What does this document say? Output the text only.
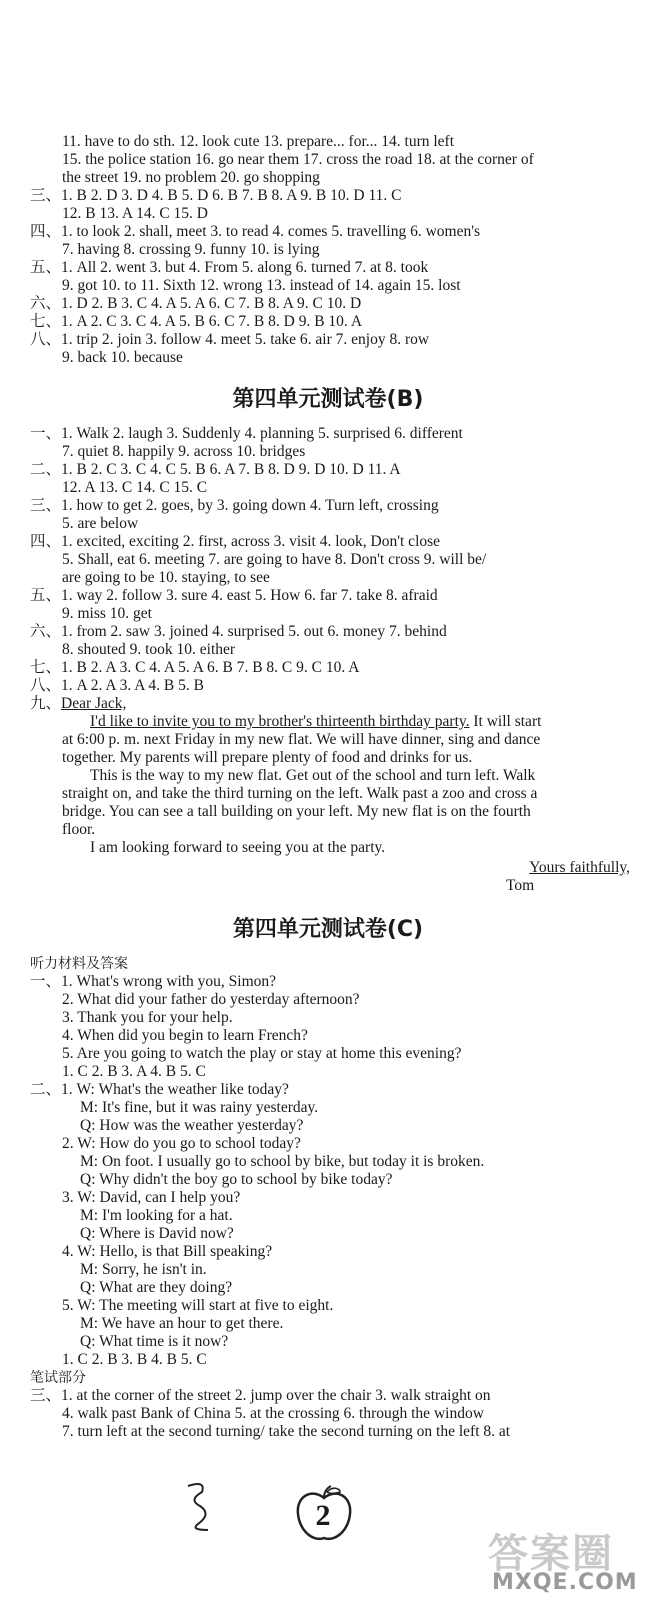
11. have to do sth. 12. look cute 13. prepare... for... 14. turn left
15. the police station 16. go near them 17. cross the road 18. at the corner of
the street 19. no problem 20. go shopping
三、1. B 2. D 3. D 4. B 5. D 6. B 7. B 8. A 9. B 10. D 11. C
12. B 13. A 14. C 15. D
四、1. to look 2. shall, meet 3. to read 4. comes 5. travelling 6. women's
7. having 8. crossing 9. funny 10. is lying
五、1. All 2. went 3. but 4. From 5. along 6. turned 7. at 8. took
9. got 10. to 11. Sixth 12. wrong 13. instead of 14. again 15. lost
六、1. D 2. B 3. C 4. A 5. A 6. C 7. B 8. A 9. C 10. D
七、1. A 2. C 3. C 4. A 5. B 6. C 7. B 8. D 9. B 10. A
八、1. trip 2. join 3. follow 4. meet 5. take 6. air 7. enjoy 8. row
9. back 10. because
第四单元测试卷(B)
一、1. Walk 2. laugh 3. Suddenly 4. planning 5. surprised 6. different
7. quiet 8. happily 9. across 10. bridges
二、1. B 2. C 3. C 4. C 5. B 6. A 7. B 8. D 9. D 10. D 11. A
12. A 13. C 14. C 15. C
三、1. how to get 2. goes, by 3. going down 4. Turn left, crossing
5. are below
四、1. excited, exciting 2. first, across 3. visit 4. look, Don't close
5. Shall, eat 6. meeting 7. are going to have 8. Don't cross 9. will be/
are going to be 10. staying, to see
五、1. way 2. follow 3. sure 4. east 5. How 6. far 7. take 8. afraid
9. miss 10. get
六、1. from 2. saw 3. joined 4. surprised 5. out 6. money 7. behind
8. shouted 9. took 10. either
七、1. B 2. A 3. C 4. A 5. A 6. B 7. B 8. C 9. C 10. A
八、1. A 2. A 3. A 4. B 5. B
九、Dear Jack,
I'd like to invite you to my brother's thirteenth birthday party. It will start
at 6:00 p. m. next Friday in my new flat. We will have dinner, sing and dance
together. My parents will prepare plenty of food and drinks for us.
This is the way to my new flat. Get out of the school and turn left. Walk
straight on, and take the third turning on the left. Walk past a zoo and cross a
bridge. You can see a tall building on your left. My new flat is on the fourth
floor.
I am looking forward to seeing you at the party.
Yours faithfully,
Tom
第四单元测试卷(C)
听力材料及答案
一、1. What's wrong with you, Simon?
2. What did your father do yesterday afternoon?
3. Thank you for your help.
4. When did you begin to learn French?
5. Are you going to watch the play or stay at home this evening?
1. C 2. B 3. A 4. B 5. C
二、1. W: What's the weather like today?
M: It's fine, but it was rainy yesterday.
Q: How was the weather yesterday?
2. W: How do you go to school today?
M: On foot. I usually go to school by bike, but today it is broken.
Q: Why didn't the boy go to school by bike today?
3. W: David, can I help you?
M: I'm looking for a hat.
Q: Where is David now?
4. W: Hello, is that Bill speaking?
M: Sorry, he isn't in.
Q: What are they doing?
5. W: The meeting will start at five to eight.
M: We have an hour to get there.
Q: What time is it now?
1. C 2. B 3. B 4. B 5. C
笔试部分
三、1. at the corner of the street 2. jump over the chair 3. walk straight on
4. walk past Bank of China 5. at the crossing 6. through the window
7. turn left at the second turning/ take the second turning on the left 8. at
2
答案圈
MXQE.COM
